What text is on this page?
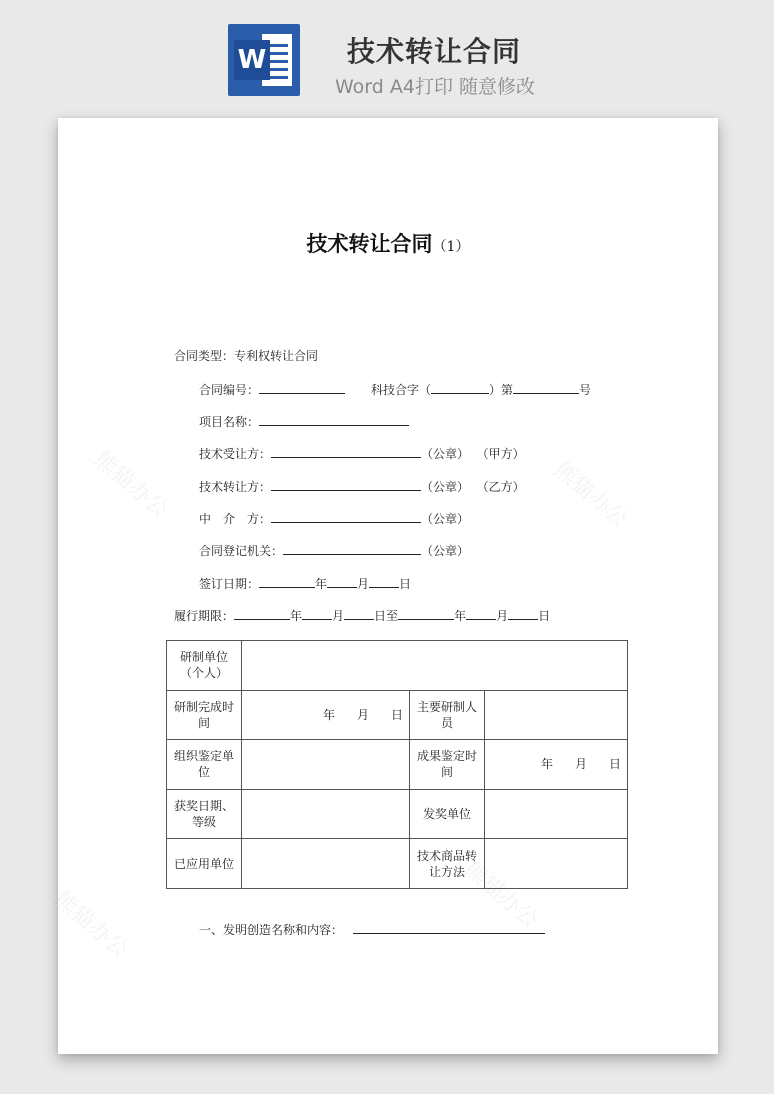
W	技术转让合同
Word A4打印 随意修改
熊猫办公	熊猫办公
熊猫办公	熊猫办公
技术转让合同（1）
合同类型：专利权转让合同
合同编号：	科技合字（	）第	号
项目名称：
技术受让方：	（公章） （甲方）
技术转让方：	（公章） （乙方）
中　介　方：	（公章）
合同登记机关：	（公章）
签订日期：	年	月	日
履行期限：	年	月	日至	年	月	日
研制单位（个人）			
研制完成时间	年 月 日	主要研制人员	
组织鉴定单位		成果鉴定时间	年 月 日
获奖日期、等级		发奖单位	
已应用单位		技术商品转让方法	
一、发明创造名称和内容：
